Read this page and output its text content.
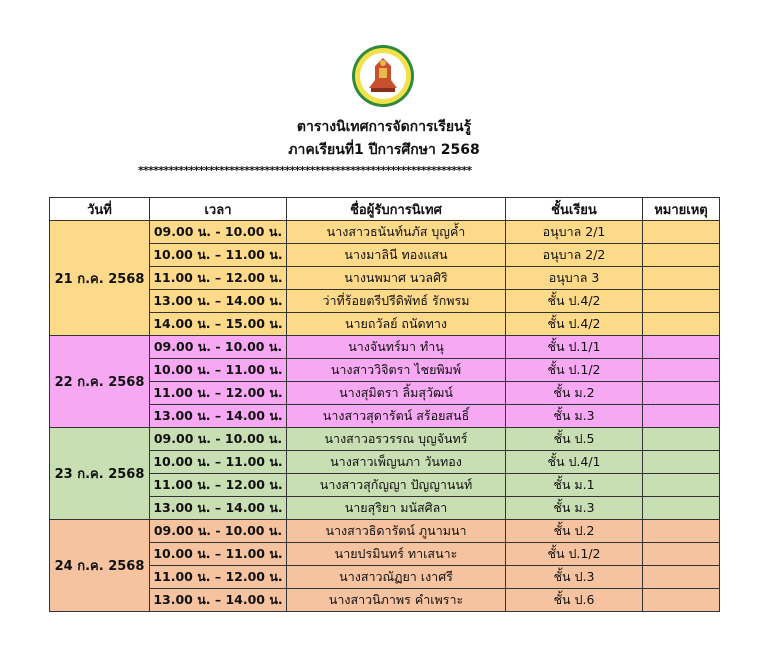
ตารางนิเทศการจัดการเรียนรู้
ภาคเรียนที่1 ปีการศึกษา 2568
******************************************************************
วันที่	เวลา	ชื่อผู้รับการนิเทศ	ชั้นเรียน	หมายเหตุ
21 ก.ค. 2568	09.00 น. - 10.00 น.	นางสาวธนันท์นภัส บุญค้ำ	อนุบาล 2/1	
	10.00 น. – 11.00 น.	นางมาลินี ทองแสน	อนุบาล 2/2	
	11.00 น. – 12.00 น.	นางนพมาศ นวลศิริ	อนุบาล 3	
	13.00 น. – 14.00 น.	ว่าที่ร้อยตรีปรีดิพัทธ์ รักพรม	ชั้น ป.4/2	
	14.00 น. – 15.00 น.	นายถวัลย์ ถนัดทาง	ชั้น ป.4/2	
22 ก.ค. 2568	09.00 น. - 10.00 น.	นางจันทร์มา ทำนุ	ชั้น ป.1/1	
	10.00 น. – 11.00 น.	นางสาววิจิตรา ไชยพิมพ์	ชั้น ป.1/2	
	11.00 น. – 12.00 น.	นางสุมิตรา ลิ้มสุวัฒน์	ชั้น ม.2	
	13.00 น. – 14.00 น.	นางสาวสุดารัตน์ สร้อยสนธิ์	ชั้น ม.3	
23 ก.ค. 2568	09.00 น. - 10.00 น.	นางสาวอรวรรณ บุญจันทร์	ชั้น ป.5	
	10.00 น. – 11.00 น.	นางสาวเพ็ญนภา วันทอง	ชั้น ป.4/1	
	11.00 น. – 12.00 น.	นางสาวสุกัญญา ปัญญานนท์	ชั้น ม.1	
	13.00 น. – 14.00 น.	นายสุริยา มนัสศิลา	ชั้น ม.3	
24 ก.ค. 2568	09.00 น. - 10.00 น.	นางสาวธิดารัตน์ ภูนามนา	ชั้น ป.2	
	10.00 น. – 11.00 น.	นายปรมินทร์ ทาเสนาะ	ชั้น ป.1/2	
	11.00 น. – 12.00 น.	นางสาวณัฏยา เงาศรี	ชั้น ป.3	
	13.00 น. – 14.00 น.	นางสาวนิภาพร คำเพราะ	ชั้น ป.6	
